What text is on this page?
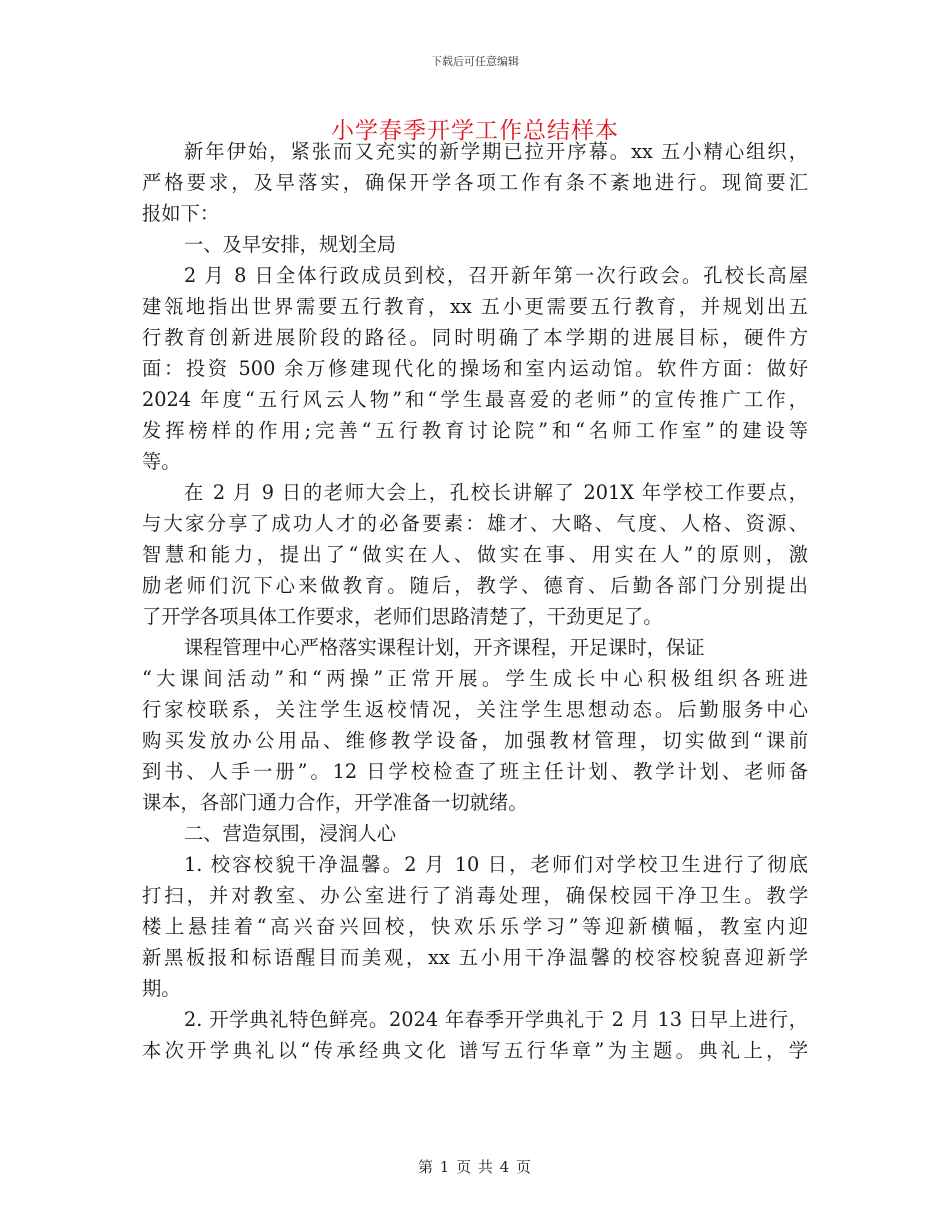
下载后可任意编辑
小学春季开学工作总结样本
新年伊始，紧张而又充实的新学期已拉开序幕。xx 五小精心组织，
严格要求，及早落实，确保开学各项工作有条不紊地进行。现简要汇
报如下：
一、及早安排，规划全局
2 月 8 日全体行政成员到校，召开新年第一次行政会。孔校长高屋
建瓴地指出世界需要五行教育，xx 五小更需要五行教育，并规划出五
行教育创新进展阶段的路径。同时明确了本学期的进展目标，硬件方
面：投资 500 余万修建现代化的操场和室内运动馆。软件方面：做好
2024 年度“五行风云人物”和“学生最喜爱的老师”的宣传推广工作，
发挥榜样的作用;完善“五行教育讨论院”和“名师工作室”的建设等
等。
在 2 月 9 日的老师大会上，孔校长讲解了 201X 年学校工作要点，
与大家分享了成功人才的必备要素：雄才、大略、气度、人格、资源、
智慧和能力，提出了“做实在人、做实在事、用实在人”的原则，激
励老师们沉下心来做教育。随后，教学、德育、后勤各部门分别提出
了开学各项具体工作要求，老师们思路清楚了，干劲更足了。
课程管理中心严格落实课程计划，开齐课程，开足课时，保证
“大课间活动”和“两操”正常开展。学生成长中心积极组织各班进
行家校联系，关注学生返校情况，关注学生思想动态。后勤服务中心
购买发放办公用品、维修教学设备，加强教材管理，切实做到“课前
到书、人手一册”。12 日学校检查了班主任计划、教学计划、老师备
课本，各部门通力合作，开学准备一切就绪。
二、营造氛围，浸润人心
1. 校容校貌干净温馨。2 月 10 日，老师们对学校卫生进行了彻底
打扫，并对教室、办公室进行了消毒处理，确保校园干净卫生。教学
楼上悬挂着“高兴奋兴回校，快欢乐乐学习”等迎新横幅，教室内迎
新黑板报和标语醒目而美观，xx 五小用干净温馨的校容校貌喜迎新学
期。
2. 开学典礼特色鲜亮。2024 年春季开学典礼于 2 月 13 日早上进行，
本次开学典礼以“传承经典文化 谱写五行华章”为主题。典礼上，学
第 1 页 共 4 页
